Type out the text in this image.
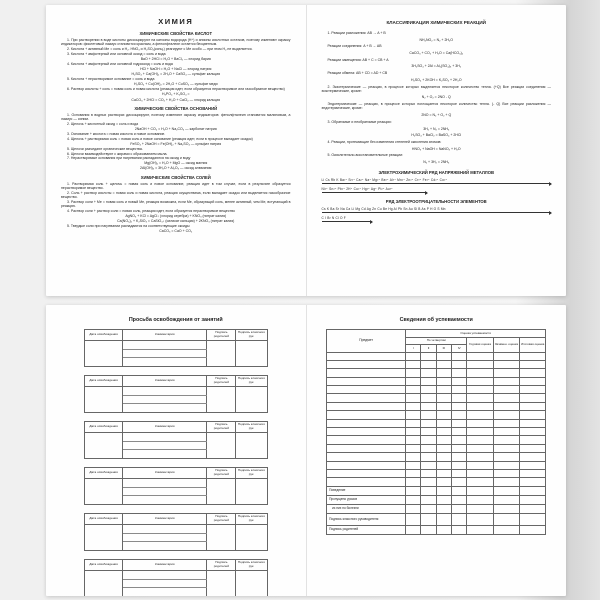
ХИМИЯ
ХИМИЧЕСКИЕ СВОЙСТВА КИСЛОТ
1. При растворении в воде кислоты диссоциируют на катионы водорода (H⁺) и анионы кислотных остатков, поэтому изменяют окраску индикаторов: фиолетовый лакмус становится красным, а фенолфталеин остается бесцветным.
2. Кислота + активный Me = соль и H₂. HNO₃ и H₂SO₄(конц.) реагируют с Me особо — при этом H₂ не выделяется.
3. Кислота + амфотерный или основной оксид = соль и вода
BaO + 2HCl = H₂O + BaCl₂ — хлорид бария
4. Кислота + амфотерный или основной гидроксид = соль и вода
HCl + NaOH = H₂O + NaCl — хлорид натрия
H₂SO₄ + Ca(OH)₂ = 2H₂O + CaSO₄ — сульфат кальция
5. Кислота + нерастворимое основание = соль и вода
H₂SO₄ + Cu(OH)₂ = 2H₂O + CuSO₄ — сульфат меди
6. Раствор кислоты + соль = новая соль и новая кислота (реакция идет, если образуется нерастворимое или газообразное вещество)
H₃PO₄ + K₂SO₄ =
CaCO₃ + 2HCl = CO₂ + H₂O + CaCl₂ — хлорид кальция
ХИМИЧЕСКИЕ СВОЙСТВА ОСНОВАНИЙ
1. Основания в водных растворах диссоциируют, поэтому изменяют окраску индикаторов: фенолфталеин становится малиновым, а лакмус — синим.
2. Щелочь + кислотный оксид = соль и вода
2NaOH + CO₂ = H₂O + Na₂CO₃ — карбонат натрия
3. Основание + кислота = новая кислота и новое основание.
4. Щелочь + растворимая соль = новая соль и новое основание (реакция идет, если в процессе выпадает осадок)
FeSO₄ + 2NaOH = Fe(OH)₂ + Na₂SO₄ — сульфат натрия
5. Щелочи разъедают органические вещества.
6. Щелочи взаимодействуют с жирами с образованием мыла.
7. Нерастворимые основания при нагревании распадаются на оксид и воду
Mg(OH)₂ = H₂O + MgO — оксид магния
2Al(OH)₃ = 3H₂O + Al₂O₃ — оксид алюминия
ХИМИЧЕСКИЕ СВОЙСТВА СОЛЕЙ
1. Растворимая соль + щелочь = новая соль и новое основание, реакция идет в том случае, если в результате образуется нерастворимое вещество.
2. Соль + раствор кислоты = новая соль и новая кислота, реакция осуществима, если выпадает осадок или выделяется газообразное вещество.
3. Раствор соли + Me = новая соль и новый Me, реакция возможна, если Me, образующий соль, менее активный, чем Me, вступающий в реакцию.
4. Раствор соли + раствор соли = новая соль, реакция идет, если образуется нерастворимое вещество
AgNO₃ + KCl = AgCl↓ (хлорид серебра) + KNO₃ (нитрат калия)
Ca(NO₃)₂ + K₂SiO₃ = CaSiO₃↓ (силикат кальция) + 2KNO₃ (нитрат калия)
5. Твердые соли при нагревании распадаются на соответствующие оксиды
CaCO₃ = CaO + CO₂
КЛАССИФИКАЦИЯ ХИМИЧЕСКИХ РЕАКЦИЙ
1. Реакции разложения: AB → A + B
NH₄NO₂ = N₂ + 2H₂O
Реакции соединения: A + B → AB
CaCO₃ + CO₂ + H₂O = Ca(HCO₃)₂
Реакции замещения: AB + C = CB + A
3H₂SO₄ + 2Al = Al₂(SO₄)₃ + 3H₂
Реакции обмена: AB + CD = AD + CB
H₂SO₄ + 2KOH = K₂SO₄ + 2H₂O
2. Экзотермические — реакции, в процессе которых выделяется некоторое количество тепла. (+Q) Все реакции соединения — экзотермические, кроме:
N₂ + O₂ = 2NO - Q
Эндотермические — реакции, в процессе которых поглощается некоторое количество тепла. (- Q) Все реакции разложения — эндотермические, кроме:
2NO = N₂ + O₂ + Q
3. Обратимые и необратимые реакции:
3H₂ + N₂ = 2NH₃
H₂SO₄ + BaCl₂ = BaSO₄ + 2HCl
4. Реакции, протекающие без изменения степеней окисления атомов:
HNO₃ + NaOH = NaNO₃ + H₂O
5. Окислительно-восстановительные реакции:
N₂ + 3H₂ = 2NH₃
ЭЛЕКТРОХИМИЧЕСКИЙ РЯД НАПРЯЖЕНИЙ МЕТАЛЛОВ
Li Cs Rb K Ba²⁺ Sr²⁺ Ca²⁺ Na⁺ Mg²⁺ Be²⁺ Al³⁺ Mn²⁺ Zn²⁺ Cr³⁺ Fe²⁺ Cd²⁺ Co²⁺
Ni²⁺ Sn²⁺ Pb²⁺ 2H⁺ Cu²⁺ Hg²⁺ Ag⁺ Pt²⁺ Au³⁺
РЯД ЭЛЕКТРООТРИЦАТЕЛЬНОСТИ ЭЛЕМЕНТОВ
Cs K Ba Sr Na Ca Li Mg Cd Ag Zn Cu Be Hg Al Pb Sn Au Si B As P H O S Mn
C I Br N Cl O F
Просьба освобождения от занятий
Дата освобождения	Комментарии	Подпись родителей	Подпись классного рук.

Дата освобождения	Комментарии	Подпись родителей	Подпись классного рук.

Дата освобождения	Комментарии	Подпись родителей	Подпись классного рук.

Дата освобождения	Комментарии	Подпись родителей	Подпись классного рук.

Дата освобождения	Комментарии	Подпись родителей	Подпись классного рук.

Дата освобождения	Комментарии	Подпись родителей	Подпись классного рук.

Сведения об успеваемости
Предмет	Оценка успеваемости						
	По четвертям				Годовая оценка	Экзамен. оценка	Итоговая оценка
	I	II	III	IV			

Поведение							
Пропущено уроков							
из них по болезни							
Подпись классного руководителя							
Подпись родителей							
